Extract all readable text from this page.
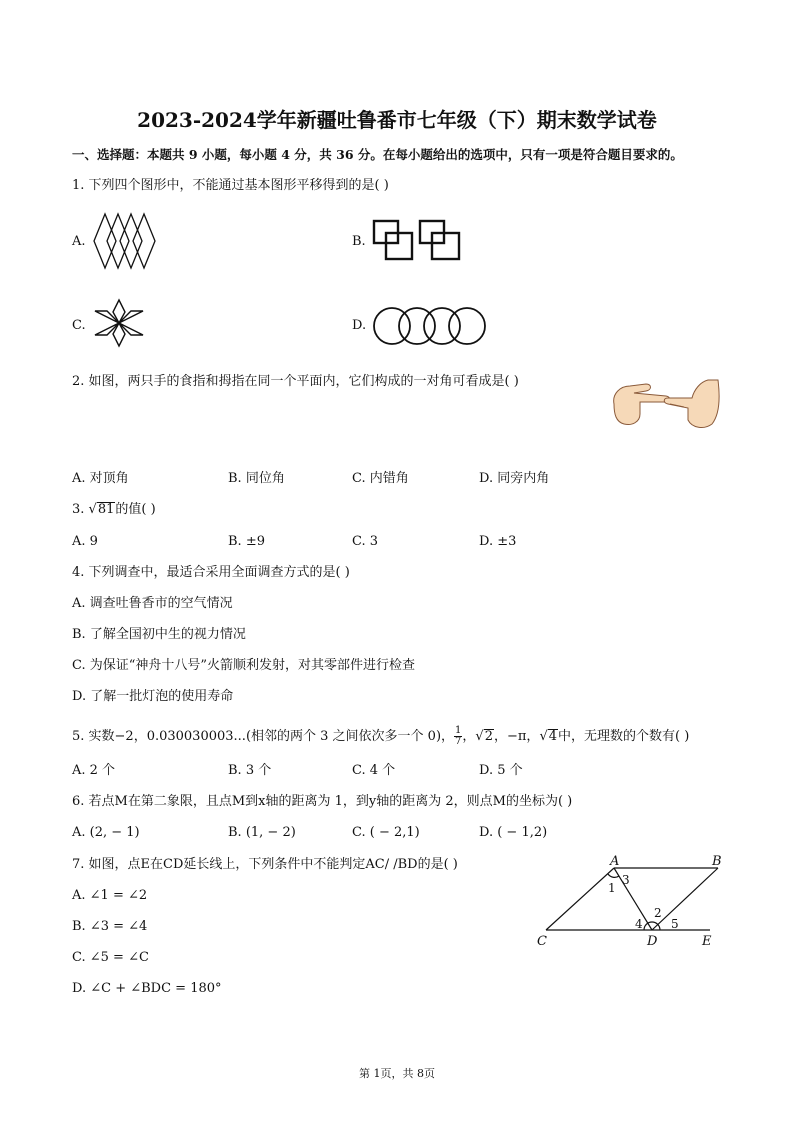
2023-2024学年新疆吐鲁番市七年级（下）期末数学试卷
一、选择题：本题共 9 小题，每小题 4 分，共 36 分。在每小题给出的选项中，只有一项是符合题目要求的。
1. 下列四个图形中，不能通过基本图形平移得到的是( )
A.	B.
C.	D.
2. 如图，两只手的食指和拇指在同一个平面内，它们构成的一对角可看成是( )
A. 对顶角	B. 同位角	C. 内错角	D. 同旁内角
3. √81的值( )
A. 9	B. ±9	C. 3	D. ±3
4. 下列调查中，最适合采用全面调查方式的是( )
A. 调查吐鲁香市的空气情况
B. 了解全国初中生的视力情况
C. 为保证“神舟十八号”火箭顺利发射，对其零部件进行检查
D. 了解一批灯泡的使用寿命
5. 实数−2，0.030030003...(相邻的两个 3 之间依次多一个 0)， $\frac{1}{7}$ ，√2，−π，√4中，无理数的个数有( )
A. 2 个	B. 3 个	C. 4 个	D. 5 个
6. 若点M在第二象限，且点M到x轴的距离为 1，到y轴的距离为 2，则点M的坐标为( )
A. (2, − 1)	B. (1, − 2)	C. ( − 2,1)	D. ( − 1,2)
7. 如图，点E在CD延长线上，下列条件中不能判定AC/ /BD的是( )
A. ∠1 = ∠2
B. ∠3 = ∠4
C. ∠5 = ∠C
D. ∠C + ∠BDC = 180°
A	B
C	D	E
1
3
4
2
5
第 1页，共 8页
